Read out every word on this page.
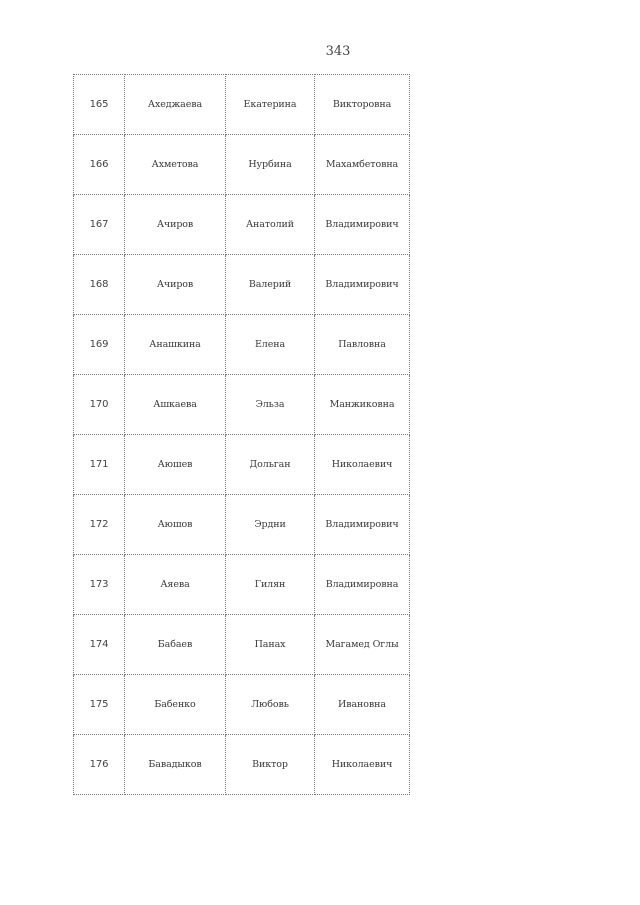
343
165	Ахеджаева	Екатерина	Викторовна
166	Ахметова	Нурбина	Махамбетовна
167	Ачиров	Анатолий	Владимирович
168	Ачиров	Валерий	Владимирович
169	Анашкина	Елена	Павловна
170	Ашкаева	Эльза	Манжиковна
171	Аюшев	Дольган	Николаевич
172	Аюшов	Эрдни	Владимирович
173	Аяева	Гилян	Владимировна
174	Бабаев	Панах	Магамед Оглы
175	Бабенко	Любовь	Ивановна
176	Бавадыков	Виктор	Николаевич
